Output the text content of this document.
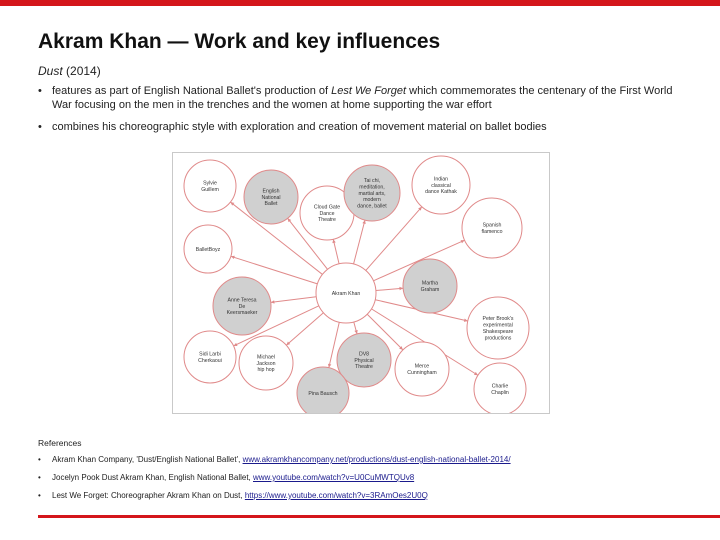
Akram Khan — Work and key influences
Dust (2014)
• features as part of English National Ballet's production of Lest We Forget which commemorates the centenary of the First World War focusing on the men in the trenches and the women at home supporting the war effort
• combines his choreographic style with exploration and creation of movement material on ballet bodies
Sylvie
Guillem	English
National
Ballet
Cloud Gate
Dance
Theatre
Tai chi,
meditation,
martial arts,
modern
dance, ballet
Indian
classical
dance Kathak
Spanish
flamenco
BalletBoyz
Martha
Graham
Anne Teresa
De
Keersmaeker
Peter Brook's
experimental
Shakespeare
productions
Sidi Larbi
Cherkaoui
Michael
Jackson
hip hop
DV8
Physical
Theatre	Merce
Cunningham
Charlie
Chaplin
Pina Bausch
Akram Khan
References
• Akram Khan Company, 'Dust/English National Ballet', www.akramkhancompany.net/productions/dust-english-national-ballet-2014/
• Jocelyn Pook Dust Akram Khan, English National Ballet, www.youtube.com/watch?v=U0CuMWTQUv8
• Lest We Forget: Choreographer Akram Khan on Dust, https://www.youtube.com/watch?v=3RAmOes2U0Q
